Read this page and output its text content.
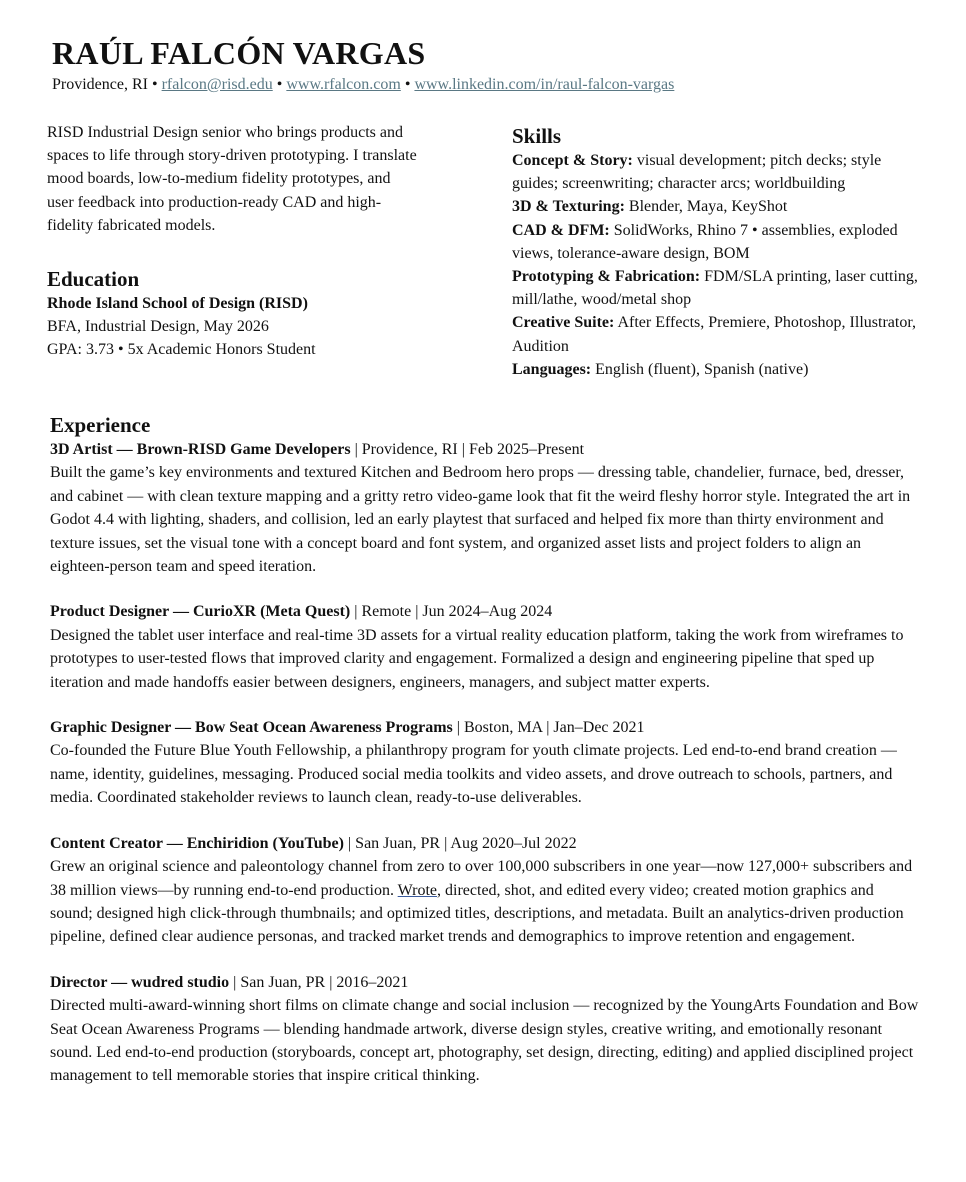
RAÚL FALCÓN VARGAS
Providence, RI • rfalcon@risd.edu • www.rfalcon.com • www.linkedin.com/in/raul-falcon-vargas
RISD Industrial Design senior who brings products and
spaces to life through story-driven prototyping. I translate
mood boards, low-to-medium fidelity prototypes, and
user feedback into production-ready CAD and high-
fidelity fabricated models.
Education
Rhode Island School of Design (RISD)
BFA, Industrial Design, May 2026
GPA: 3.73 • 5x Academic Honors Student
Skills
Concept & Story: visual development; pitch decks; style guides; screenwriting; character arcs; worldbuilding
3D & Texturing: Blender, Maya, KeyShot
CAD & DFM: SolidWorks, Rhino 7 • assemblies, exploded views, tolerance-aware design, BOM
Prototyping & Fabrication: FDM/SLA printing, laser cutting, mill/lathe, wood/metal shop
Creative Suite: After Effects, Premiere, Photoshop, Illustrator, Audition
Languages: English (fluent), Spanish (native)
Experience
3D Artist — Brown-RISD Game Developers | Providence, RI | Feb 2025–Present
Built the game’s key environments and textured Kitchen and Bedroom hero props — dressing table, chandelier, furnace, bed, dresser, and cabinet — with clean texture mapping and a gritty retro video-game look that fit the weird fleshy horror style. Integrated the art in Godot 4.4 with lighting, shaders, and collision, led an early playtest that surfaced and helped fix more than thirty environment and texture issues, set the visual tone with a concept board and font system, and organized asset lists and project folders to align an eighteen-person team and speed iteration.
Product Designer — CurioXR (Meta Quest) | Remote | Jun 2024–Aug 2024
Designed the tablet user interface and real-time 3D assets for a virtual reality education platform, taking the work from wireframes to prototypes to user-tested flows that improved clarity and engagement. Formalized a design and engineering pipeline that sped up iteration and made handoffs easier between designers, engineers, managers, and subject matter experts.
Graphic Designer — Bow Seat Ocean Awareness Programs | Boston, MA | Jan–Dec 2021
Co-founded the Future Blue Youth Fellowship, a philanthropy program for youth climate projects. Led end-to-end brand creation — name, identity, guidelines, messaging. Produced social media toolkits and video assets, and drove outreach to schools, partners, and media. Coordinated stakeholder reviews to launch clean, ready-to-use deliverables.
Content Creator — Enchiridion (YouTube) | San Juan, PR | Aug 2020–Jul 2022
Grew an original science and paleontology channel from zero to over 100,000 subscribers in one year—now 127,000+ subscribers and 38 million views—by running end-to-end production. Wrote, directed, shot, and edited every video; created motion graphics and sound; designed high click-through thumbnails; and optimized titles, descriptions, and metadata. Built an analytics-driven production pipeline, defined clear audience personas, and tracked market trends and demographics to improve retention and engagement.
Director — wudred studio | San Juan, PR | 2016–2021
Directed multi-award-winning short films on climate change and social inclusion — recognized by the YoungArts Foundation and Bow Seat Ocean Awareness Programs — blending handmade artwork, diverse design styles, creative writing, and emotionally resonant sound. Led end-to-end production (storyboards, concept art, photography, set design, directing, editing) and applied disciplined project management to tell memorable stories that inspire critical thinking.
